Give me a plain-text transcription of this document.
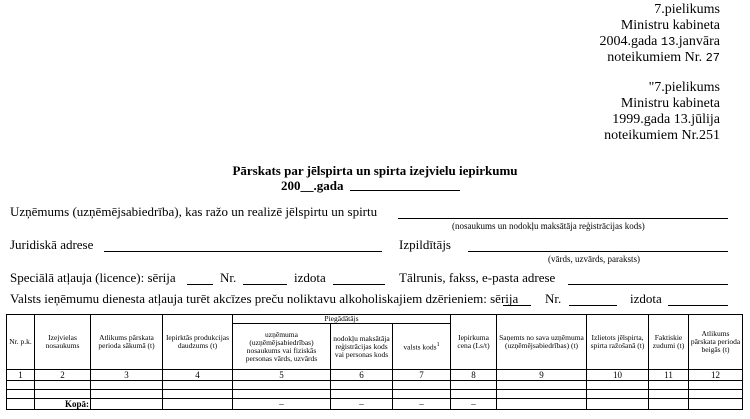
7.pielikums
Ministru kabineta
2004.gada 13.janvāra
noteikumiem Nr. 27
"7.pielikums
Ministru kabineta
1999.gada 13.jūlija
noteikumiem Nr.251
Pārskats par jēlspirta un spirta izejvielu iepirkumu
200__.gada
Uzņēmums (uzņēmējsabiedrība), kas ražo un realizē jēlspirtu un spirtu
(nosaukums un nodokļu maksātāja reģistrācijas kods)
Juridiskā adrese	Izpildītājs
(vārds, uzvārds, paraksts)
Speciālā atļauja (licence): sērija	Nr.	izdota	Tālrunis, fakss, e-pasta adrese
Valsts ieņēmumu dienesta atļauja turēt akcīzes preču noliktavu alkoholiskajiem dzērieniem: sērija Nr.	izdota
Nr. p.k.	Izejvielas nosaukums	Atlikums pārskata perioda sākumā (t)	Iepirktās produkcijas daudzums (t)	Piegādātājs			Iepirkuma cena (Ls/t)	Saņemts no sava uzņēmuma (uzņēmējsabiedrības) (t)	Izlietots jēlspirta, spirta ražošanā (t)	Faktiskie zudumi (t)	Atlikums pārskata perioda beigās (t)
				uzņēmuma (uzņēmējsabiedrības) nosaukums vai fiziskās personas vārds, uzvārds	nodokļu maksātāja reģistrācijas kods vai personas kods	valsts kods$^1$
1	2	3	4	5	6	7	8	9	10	11	12

	Kopā:			–	–	–	–				
